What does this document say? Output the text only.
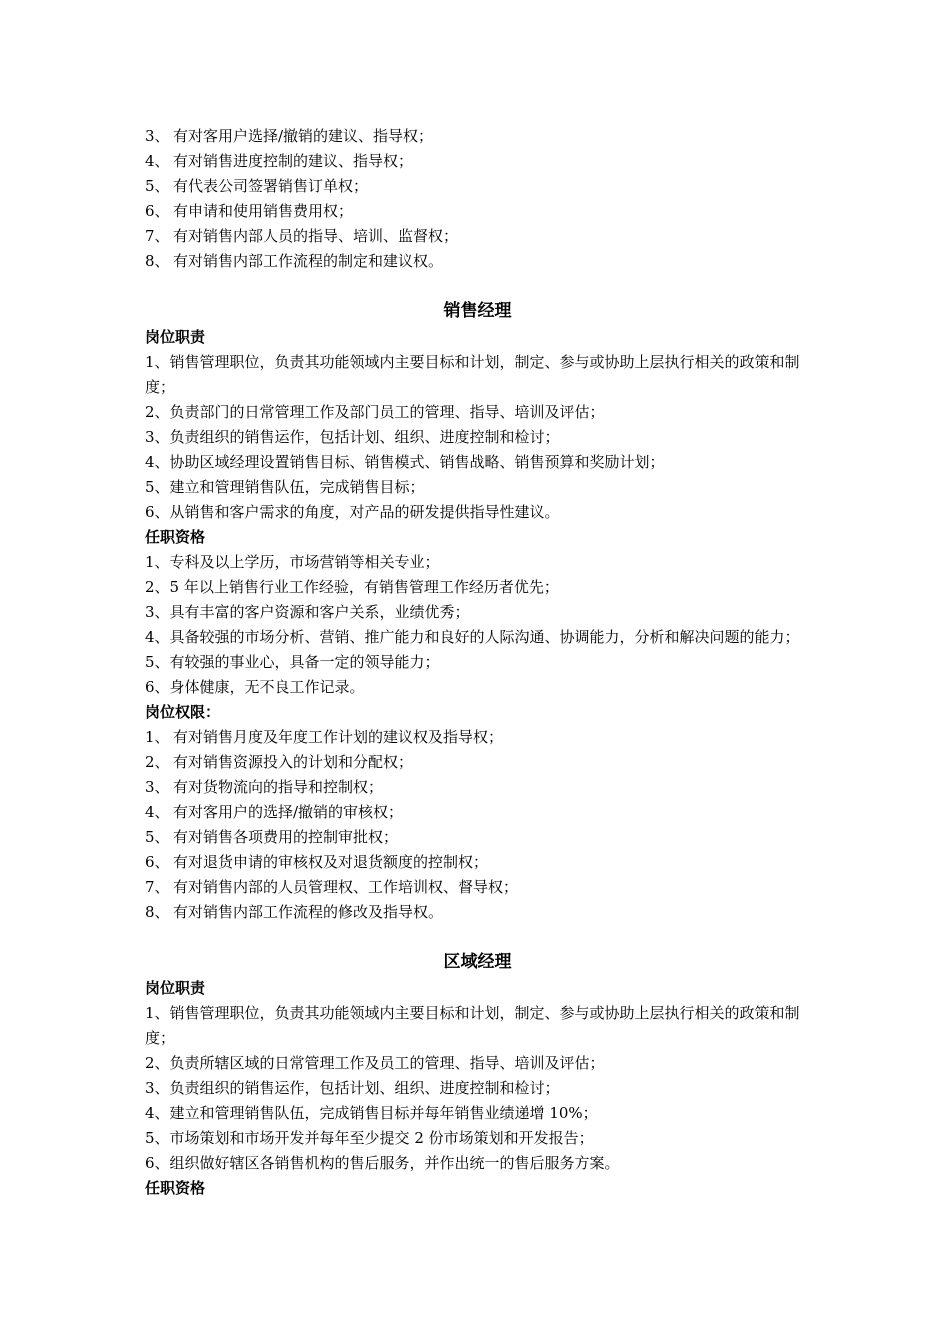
3、 有对客用户选择/撤销的建议、指导权；
4、 有对销售进度控制的建议、指导权；
5、 有代表公司签署销售订单权；
6、 有申请和使用销售费用权；
7、 有对销售内部人员的指导、培训、监督权；
8、 有对销售内部工作流程的制定和建议权。
销售经理
岗位职责
1、销售管理职位，负责其功能领域内主要目标和计划，制定、参与或协助上层执行相关的政策和制度；
2、负责部门的日常管理工作及部门员工的管理、指导、培训及评估；
3、负责组织的销售运作，包括计划、组织、进度控制和检讨；
4、协助区域经理设置销售目标、销售模式、销售战略、销售预算和奖励计划；
5、建立和管理销售队伍，完成销售目标；
6、从销售和客户需求的角度，对产品的研发提供指导性建议。
任职资格
1、专科及以上学历，市场营销等相关专业；
2、5 年以上销售行业工作经验，有销售管理工作经历者优先；
3、具有丰富的客户资源和客户关系，业绩优秀；
4、具备较强的市场分析、营销、推广能力和良好的人际沟通、协调能力，分析和解决问题的能力；
5、有较强的事业心，具备一定的领导能力；
6、身体健康，无不良工作记录。
岗位权限：
1、 有对销售月度及年度工作计划的建议权及指导权；
2、 有对销售资源投入的计划和分配权；
3、 有对货物流向的指导和控制权；
4、 有对客用户的选择/撤销的审核权；
5、 有对销售各项费用的控制审批权；
6、 有对退货申请的审核权及对退货额度的控制权；
7、 有对销售内部的人员管理权、工作培训权、督导权；
8、 有对销售内部工作流程的修改及指导权。
区域经理
岗位职责
1、销售管理职位，负责其功能领域内主要目标和计划，制定、参与或协助上层执行相关的政策和制度；
2、负责所辖区域的日常管理工作及员工的管理、指导、培训及评估；
3、负责组织的销售运作，包括计划、组织、进度控制和检讨；
4、建立和管理销售队伍，完成销售目标并每年销售业绩递增 10%；
5、市场策划和市场开发并每年至少提交 2 份市场策划和开发报告；
6、组织做好辖区各销售机构的售后服务，并作出统一的售后服务方案。
任职资格
